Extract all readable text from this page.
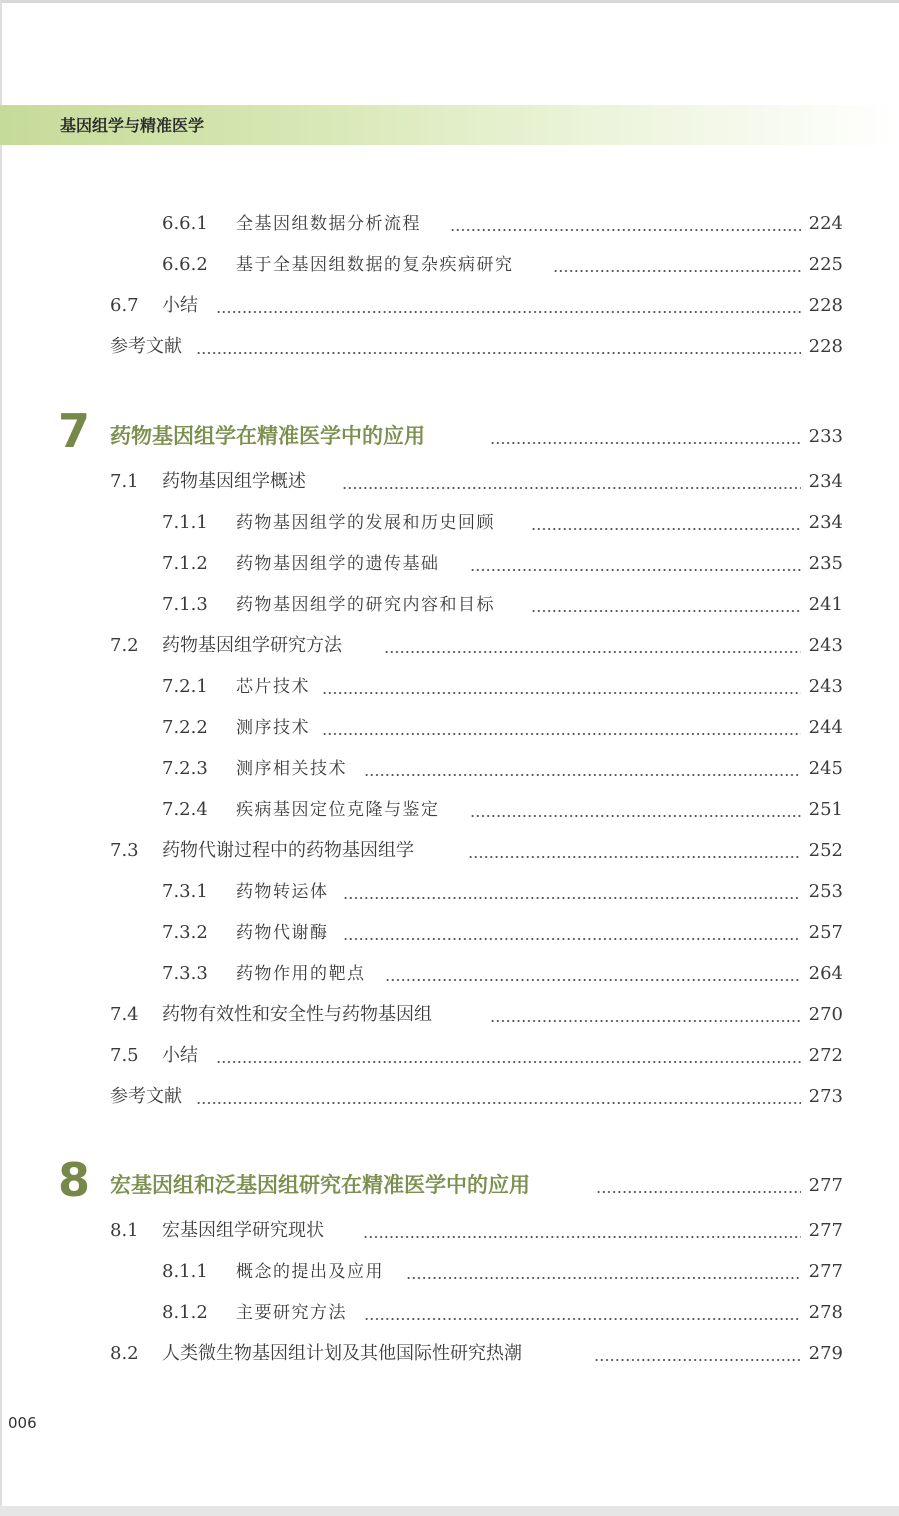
基因组学与精准医学
6.6.1 全基因组数据分析流程	224
6.6.2 基于全基因组数据的复杂疾病研究	225
6.7 小结	228
参考文献	228
7 药物基因组学在精准医学中的应用	233
7.1 药物基因组学概述	234
7.1.1 药物基因组学的发展和历史回顾	234
7.1.2 药物基因组学的遗传基础	235
7.1.3 药物基因组学的研究内容和目标	241
7.2 药物基因组学研究方法	243
7.2.1 芯片技术	243
7.2.2 测序技术	244
7.2.3 测序相关技术	245
7.2.4 疾病基因定位克隆与鉴定	251
7.3 药物代谢过程中的药物基因组学	252
7.3.1 药物转运体	253
7.3.2 药物代谢酶	257
7.3.3 药物作用的靶点	264
7.4 药物有效性和安全性与药物基因组	270
7.5 小结	272
参考文献	273
8 宏基因组和泛基因组研究在精准医学中的应用	277
8.1 宏基因组学研究现状	277
8.1.1 概念的提出及应用	277
8.1.2 主要研究方法	278
8.2 人类微生物基因组计划及其他国际性研究热潮	279
006
